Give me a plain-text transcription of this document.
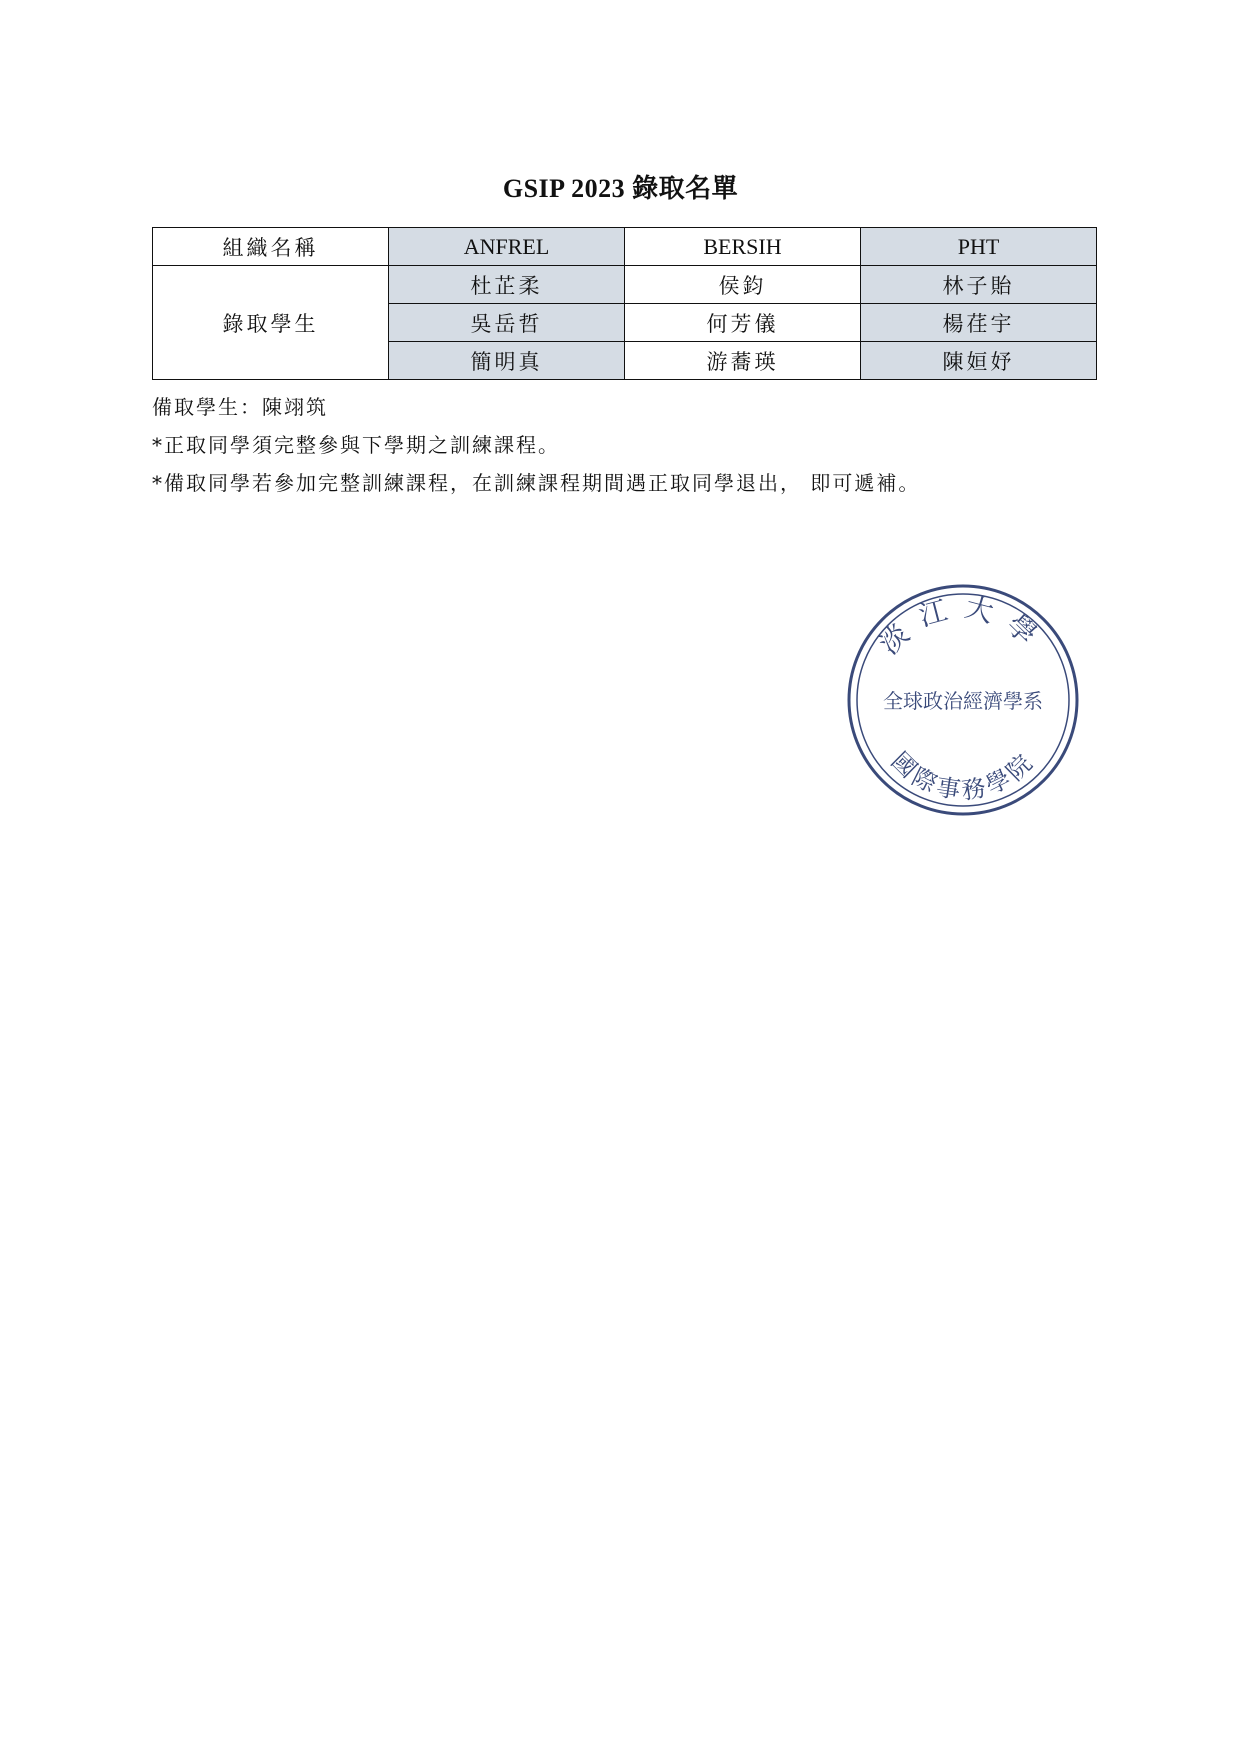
GSIP 2023 錄取名單
組織名稱	ANFREL	BERSIH	PHT
錄取學生	杜芷柔	侯鈞	林子貽
	吳岳哲	何芳儀	楊荏宇
	簡明真	游蕎瑛	陳姮妤
備取學生：陳翊筑
*正取同學須完整參與下學期之訓練課程。
*備取同學若參加完整訓練課程，在訓練課程期間遇正取同學退出， 即可遞補。
淡江大學
全球政治經濟學系
國際事務學院
